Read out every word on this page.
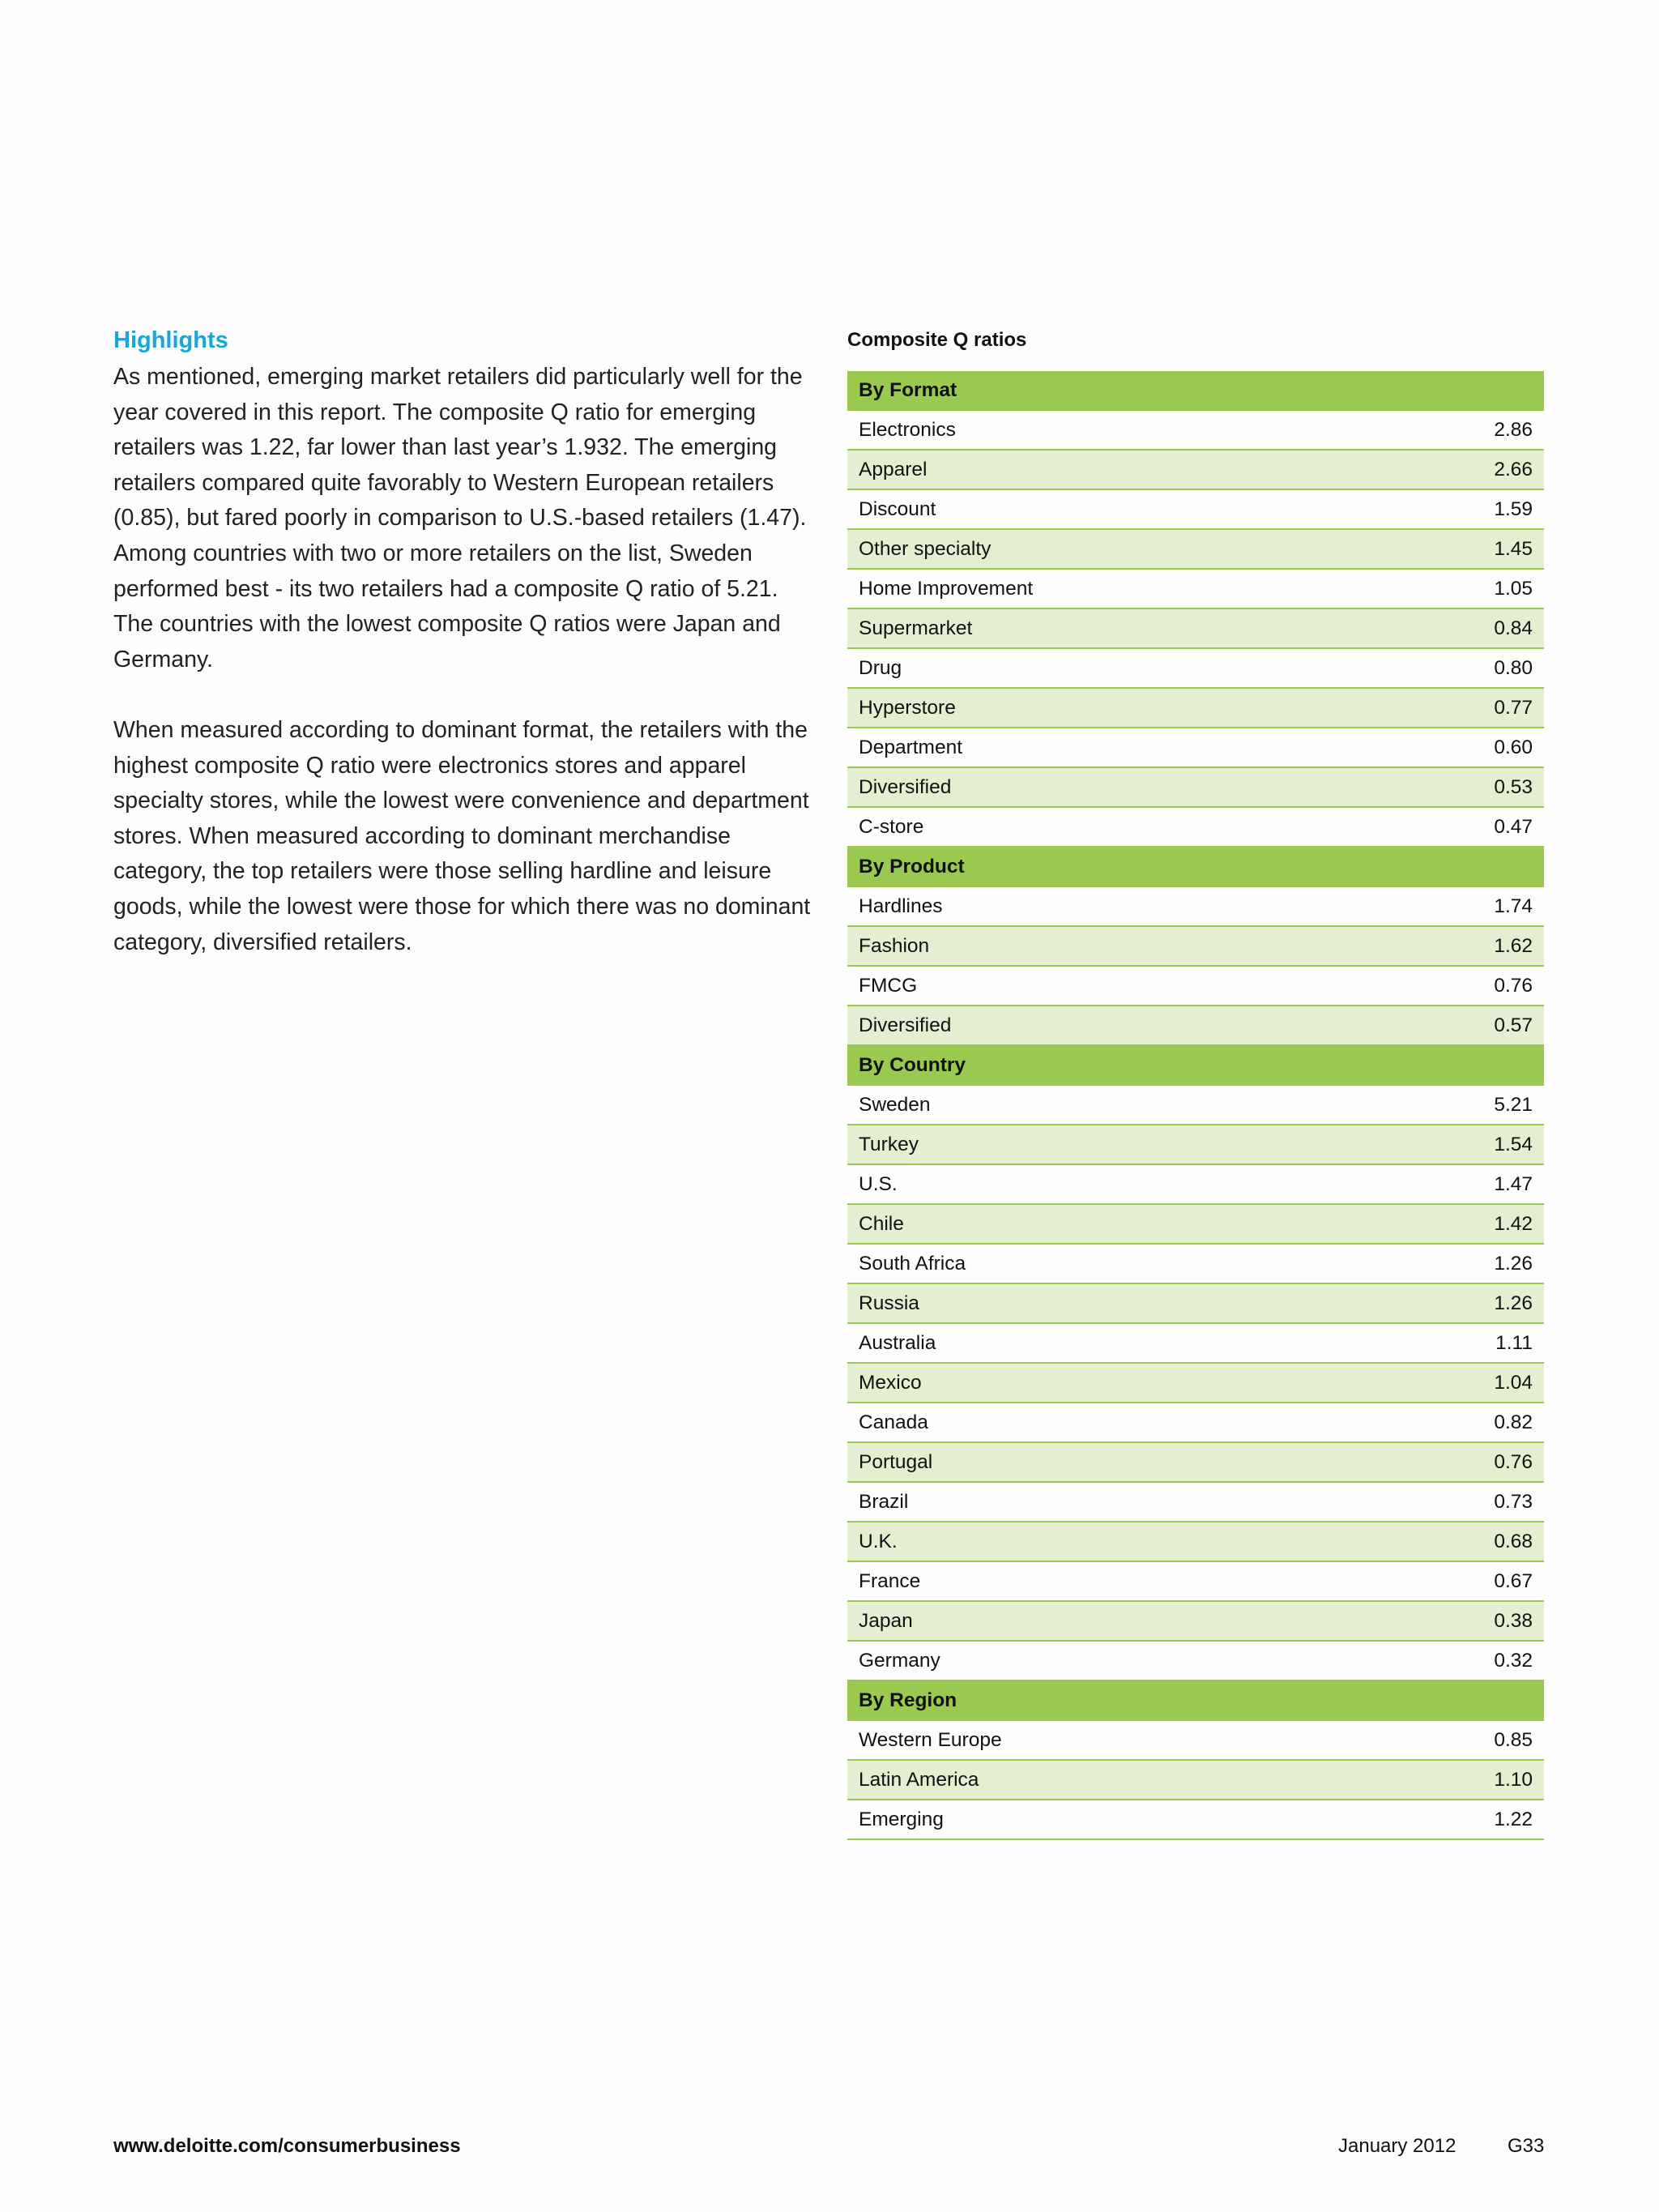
Highlights

As mentioned, emerging market retailers did particularly well for the year covered in this report. The composite Q ratio for emerging retailers was 1.22, far lower than last year’s 1.932. The emerging retailers compared quite favorably to Western European retailers (0.85), but fared poorly in comparison to U.S.-based retailers (1.47). Among countries with two or more retailers on the list, Sweden performed best - its two retailers had a composite Q ratio of 5.21. The countries with the lowest composite Q ratios were Japan and Germany.

When measured according to dominant format, the retailers with the highest composite Q ratio were electronics stores and apparel specialty stores, while the lowest were convenience and department stores. When measured according to dominant merchandise category, the top retailers were those selling hardline and leisure goods, while the lowest were those for which there was no dominant category, diversified retailers.

Composite Q ratios
By Format	
Electronics	2.86
Apparel	2.66
Discount	1.59
Other specialty	1.45
Home Improvement	1.05
Supermarket	0.84
Drug	0.80
Hyperstore	0.77
Department	0.60
Diversified	0.53
C-store	0.47
By Product	
Hardlines	1.74
Fashion	1.62
FMCG	0.76
Diversified	0.57
By Country	
Sweden	5.21
Turkey	1.54
U.S.	1.47
Chile	1.42
South Africa	1.26
Russia	1.26
Australia	1.11
Mexico	1.04
Canada	0.82
Portugal	0.76
Brazil	0.73
U.K.	0.68
France	0.67
Japan	0.38
Germany	0.32
By Region	
Western Europe	0.85
Latin America	1.10
Emerging	1.22
www.deloitte.com/consumerbusiness	January 2012	G33
